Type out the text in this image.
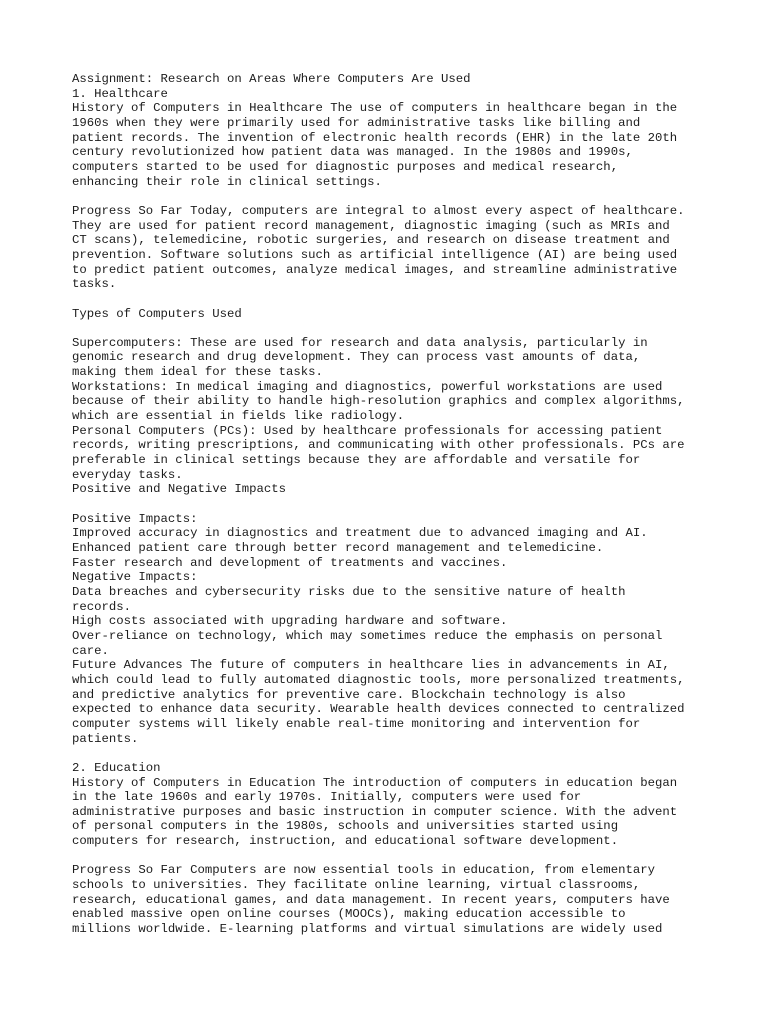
Assignment: Research on Areas Where Computers Are Used
1. Healthcare
History of Computers in Healthcare The use of computers in healthcare began in the
1960s when they were primarily used for administrative tasks like billing and
patient records. The invention of electronic health records (EHR) in the late 20th
century revolutionized how patient data was managed. In the 1980s and 1990s,
computers started to be used for diagnostic purposes and medical research,
enhancing their role in clinical settings.
Progress So Far Today, computers are integral to almost every aspect of healthcare.
They are used for patient record management, diagnostic imaging (such as MRIs and
CT scans), telemedicine, robotic surgeries, and research on disease treatment and
prevention. Software solutions such as artificial intelligence (AI) are being used
to predict patient outcomes, analyze medical images, and streamline administrative
tasks.
Types of Computers Used
Supercomputers: These are used for research and data analysis, particularly in
genomic research and drug development. They can process vast amounts of data,
making them ideal for these tasks.
Workstations: In medical imaging and diagnostics, powerful workstations are used
because of their ability to handle high-resolution graphics and complex algorithms,
which are essential in fields like radiology.
Personal Computers (PCs): Used by healthcare professionals for accessing patient
records, writing prescriptions, and communicating with other professionals. PCs are
preferable in clinical settings because they are affordable and versatile for
everyday tasks.
Positive and Negative Impacts
Positive Impacts:
Improved accuracy in diagnostics and treatment due to advanced imaging and AI.
Enhanced patient care through better record management and telemedicine.
Faster research and development of treatments and vaccines.
Negative Impacts:
Data breaches and cybersecurity risks due to the sensitive nature of health
records.
High costs associated with upgrading hardware and software.
Over-reliance on technology, which may sometimes reduce the emphasis on personal
care.
Future Advances The future of computers in healthcare lies in advancements in AI,
which could lead to fully automated diagnostic tools, more personalized treatments,
and predictive analytics for preventive care. Blockchain technology is also
expected to enhance data security. Wearable health devices connected to centralized
computer systems will likely enable real-time monitoring and intervention for
patients.
2. Education
History of Computers in Education The introduction of computers in education began
in the late 1960s and early 1970s. Initially, computers were used for
administrative purposes and basic instruction in computer science. With the advent
of personal computers in the 1980s, schools and universities started using
computers for research, instruction, and educational software development.
Progress So Far Computers are now essential tools in education, from elementary
schools to universities. They facilitate online learning, virtual classrooms,
research, educational games, and data management. In recent years, computers have
enabled massive open online courses (MOOCs), making education accessible to
millions worldwide. E-learning platforms and virtual simulations are widely used
